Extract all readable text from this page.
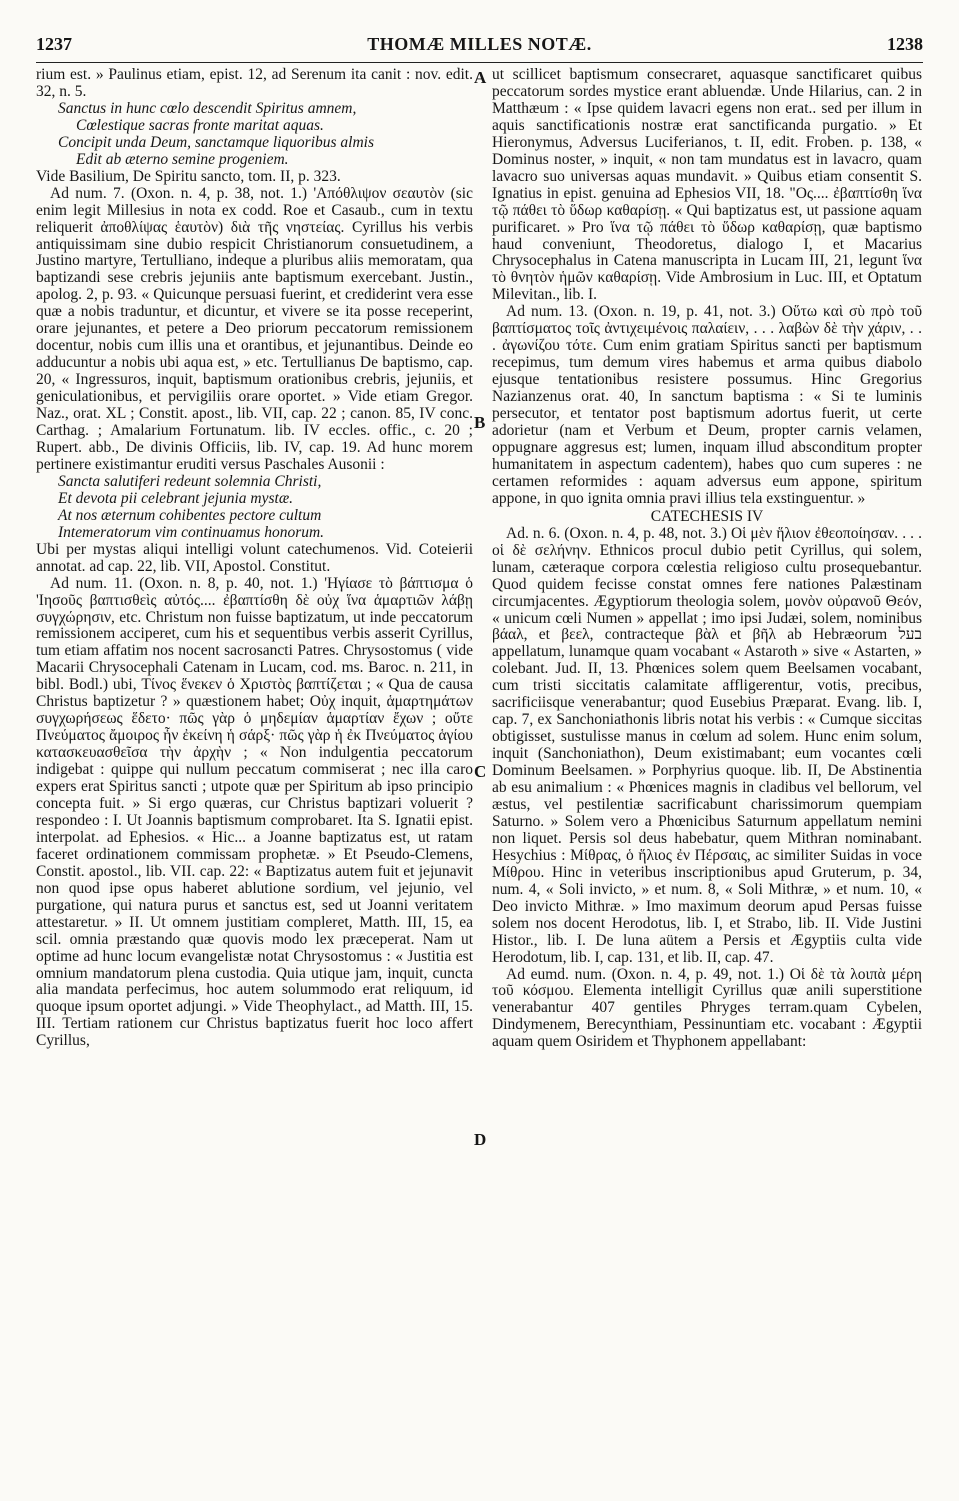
1237	THOMÆ MILLES NOTÆ.	1238
A
B
C
D

rium est. » Paulinus etiam, epist. 12, ad Serenum ita canit : nov. edit. 32, n. 5.

Sanctus in hunc cœlo descendit Spiritus amnem,
Cœlestique sacras fronte maritat aquas.
Concipit unda Deum, sanctamque liquoribus almis
Edit ab æterno semine progeniem.

Vide Basilium, De Spiritu sancto, tom. II, p. 323.

Ad num. 7. (Oxon. n. 4, p. 38, not. 1.) 'Απόθλιψον σεαυτὸν (sic enim legit Millesius in nota ex codd. Roe et Casaub., cum in textu reliquerit ἀποθλίψας ἑαυτὸν) διὰ τῆς νηστείας. Cyrillus his verbis antiquissimam sine dubio respicit Christianorum consuetudinem, a Justino martyre, Tertulliano, indeque a pluribus aliis memoratam, qua baptizandi sese crebris jejuniis ante baptismum exercebant. Justin., apolog. 2, p. 93. « Quicunque persuasi fuerint, et crediderint vera esse quæ a nobis traduntur, et dicuntur, et vivere se ita posse receperint, orare jejunantes, et petere a Deo priorum peccatorum remissionem docentur, nobis cum illis una et orantibus, et jejunantibus. Deinde eo adducuntur a nobis ubi aqua est, » etc. Tertullianus De baptismo, cap. 20, « Ingressuros, inquit, baptismum orationibus crebris, jejuniis, et geniculationibus, et pervigiliis orare oportet. » Vide etiam Gregor. Naz., orat. XL ; Constit. apost., lib. VII, cap. 22 ; canon. 85, IV conc. Carthag. ; Amalarium Fortunatum. lib. IV eccles. offic., c. 20 ; Rupert. abb., De divinis Officiis, lib. IV, cap. 19. Ad hunc morem pertinere existimantur eruditi versus Paschales Ausonii :

Sancta salutiferi redeunt solemnia Christi,
Et devota pii celebrant jejunia mystæ.
At nos æternum cohibentes pectore cultum
Intemeratorum vim continuamus honorum.

Ubi per mystas aliqui intelligi volunt catechumenos. Vid. Coteierii annotat. ad cap. 22, lib. VII, Apostol. Constitut.

Ad num. 11. (Oxon. n. 8, p. 40, not. 1.) 'Ηγίασε τὸ βάπτισμα ὁ 'Ιησοῦς βαπτισθεὶς αὐτός.... ἐβαπτίσθη δὲ οὐχ ἵνα ἁμαρτιῶν λάβῃ συγχώρησιν, etc. Christum non fuisse baptizatum, ut inde peccatorum remissionem acciperet, cum his et sequentibus verbis asserit Cyrillus, tum etiam affatim nos nocent sacrosancti Patres. Chrysostomus ( vide Macarii Chrysocephali Catenam in Lucam, cod. ms. Baroc. n. 211, in bibl. Bodl.) ubi, Τίνος ἕνεκεν ὁ Χριστὸς βαπτίζεται ; « Qua de causa Christus baptizetur ? » quæstionem habet; Οὐχ inquit, ἁμαρτημάτων συγχωρήσεως ἕδετο· πῶς γὰρ ὁ μηδεμίαν ἁμαρτίαν ἔχων ; οὔτε Πνεύματος ἄμοιρος ἦν ἐκείνη ἡ σάρξ· πῶς γὰρ ἡ ἐκ Πνεύματος ἁγίου κατασκευασθεῖσα τὴν ἀρχὴν ; « Non indulgentia peccatorum indigebat : quippe qui nullum peccatum commiserat ; nec illa caro expers erat Spiritus sancti ; utpote quæ per Spiritum ab ipso principio concepta fuit. » Si ergo quæras, cur Christus baptizari voluerit ? respondeo : I. Ut Joannis baptismum comprobaret. Ita S. Ignatii epist. interpolat. ad Ephesios. « Hic... a Joanne baptizatus est, ut ratam faceret ordinationem commissam prophetæ. » Et Pseudo-Clemens, Constit. apostol., lib. VII. cap. 22: « Baptizatus autem fuit et jejunavit non quod ipse opus haberet ablutione sordium, vel jejunio, vel purgatione, qui natura purus et sanctus est, sed ut Joanni veritatem attestaretur. » II. Ut omnem justitiam compleret, Matth. III, 15, ea scil. omnia præstando quæ quovis modo lex præceperat. Nam ut optime ad hunc locum evangelistæ notat Chrysostomus : « Justitia est omnium mandatorum plena custodia. Quia utique jam, inquit, cuncta alia mandata perfecimus, hoc autem solummodo erat reliquum, id quoque ipsum oportet adjungi. » Vide Theophylact., ad Matth. III, 15. III. Tertiam rationem cur Christus baptizatus fuerit hoc loco affert Cyrillus,

ut scillicet baptismum consecraret, aquasque sanctificaret quibus peccatorum sordes mystice erant abluendæ. Unde Hilarius, can. 2 in Matthæum : « Ipse quidem lavacri egens non erat.. sed per illum in aquis sanctificationis nostræ erat sanctificanda purgatio. » Et Hieronymus, Adversus Luciferianos, t. II, edit. Froben. p. 138, « Dominus noster, » inquit, « non tam mundatus est in lavacro, quam lavacro suo universas aquas mundavit. » Quibus etiam consentit S. Ignatius in epist. genuina ad Ephesios VII, 18. "Ος.... ἐβαπτίσθη ἵνα τῷ πάθει τὸ ὕδωρ καθαρίσῃ. « Qui baptizatus est, ut passione aquam purificaret. » Pro ἵνα τῷ πάθει τὸ ὕδωρ καθαρίσῃ, quæ baptismo haud conveniunt, Theodoretus, dialogo I, et Macarius Chrysocephalus in Catena manuscripta in Lucam III, 21, legunt ἵνα τὸ θνητὸν ἡμῶν καθαρίσῃ. Vide Ambrosium in Luc. III, et Optatum Milevitan., lib. I.

Ad num. 13. (Oxon. n. 19, p. 41, not. 3.) Οὕτω καὶ σὺ πρὸ τοῦ βαπτίσματος τοῖς ἀντιχειμένοις παλαίειν, . . . λαβὼν δὲ τὴν χάριν, . . . ἀγωνίζου τότε. Cum enim gratiam Spiritus sancti per baptismum recepimus, tum demum vires habemus et arma quibus diabolo ejusque tentationibus resistere possumus. Hinc Gregorius Nazianzenus orat. 40, In sanctum baptisma : « Si te luminis persecutor, et tentator post baptismum adortus fuerit, ut certe adorietur (nam et Verbum et Deum, propter carnis velamen, oppugnare aggresus est; lumen, inquam illud absconditum propter humanitatem in aspectum cadentem), habes quo cum superes : ne certamen reformides : aquam adversus eum appone, spiritum appone, in quo ignita omnia pravi illius tela exstinguentur. »

CATECHESIS IV

Ad. n. 6. (Oxon. n. 4, p. 48, not. 3.) Οἱ μὲν ἥλιον ἐθεοποίησαν. . . . οἱ δὲ σελήνην. Ethnicos procul dubio petit Cyrillus, qui solem, lunam, cæteraque corpora cœlestia religioso cultu prosequebantur. Quod quidem fecisse constat omnes fere nationes Palæstinam circumjacentes. Ægyptiorum theologia solem, μονὸν οὐρανοῦ Θεόν, « unicum cœli Numen » appellat ; imo ipsi Judæi, solem, nominibus βάαλ, et βεελ, contracteque βὰλ et βῆλ ab Hebræorum בעל appellatum, lunamque quam vocabant « Astaroth » sive « Astarten, » colebant. Jud. II, 13. Phœnices solem quem Beelsamen vocabant, cum tristi siccitatis calamitate affligerentur, votis, precibus, sacrificiisque venerabantur; quod Eusebius Præparat. Evang. lib. I, cap. 7, ex Sanchoniathonis libris notat his verbis : « Cumque siccitas obtigisset, sustulisse manus in cœlum ad solem. Hunc enim solum, inquit (Sanchoniathon), Deum existimabant; eum vocantes cœli Dominum Beelsamen. » Porphyrius quoque. lib. II, De Abstinentia ab esu animalium : « Phœnices magnis in cladibus vel bellorum, vel æstus, vel pestilentiæ sacrificabunt charissimorum quempiam Saturno. » Solem vero a Phœnicibus Saturnum appellatum nemini non liquet. Persis sol deus habebatur, quem Mithran nominabant. Hesychius : Μίθρας, ὁ ἥλιος ἐν Πέρσαις, ac similiter Suidas in voce Μίθρου. Hinc in veteribus inscriptionibus apud Gruterum, p. 34, num. 4, « Soli invicto, » et num. 8, « Soli Mithræ, » et num. 10, « Deo invicto Mithræ. » Imo maximum deorum apud Persas fuisse solem nos docent Herodotus, lib. I, et Strabo, lib. II. Vide Justini Histor., lib. I. De luna aütem a Persis et Ægyptiis culta vide Herodotum, lib. I, cap. 131, et lib. II, cap. 47.

Ad eumd. num. (Oxon. n. 4, p. 49, not. 1.) Οἱ δὲ τὰ λοιπὰ μέρη τοῦ κόσμου. Elementa intelligit Cyrillus quæ anili superstitione venerabantur 407 gentiles Phryges terram.quam Cybelen, Dindymenem, Berecynthiam, Pessinuntiam etc. vocabant : Ægyptii aquam quem Osiridem et Thyphonem appellabant:
